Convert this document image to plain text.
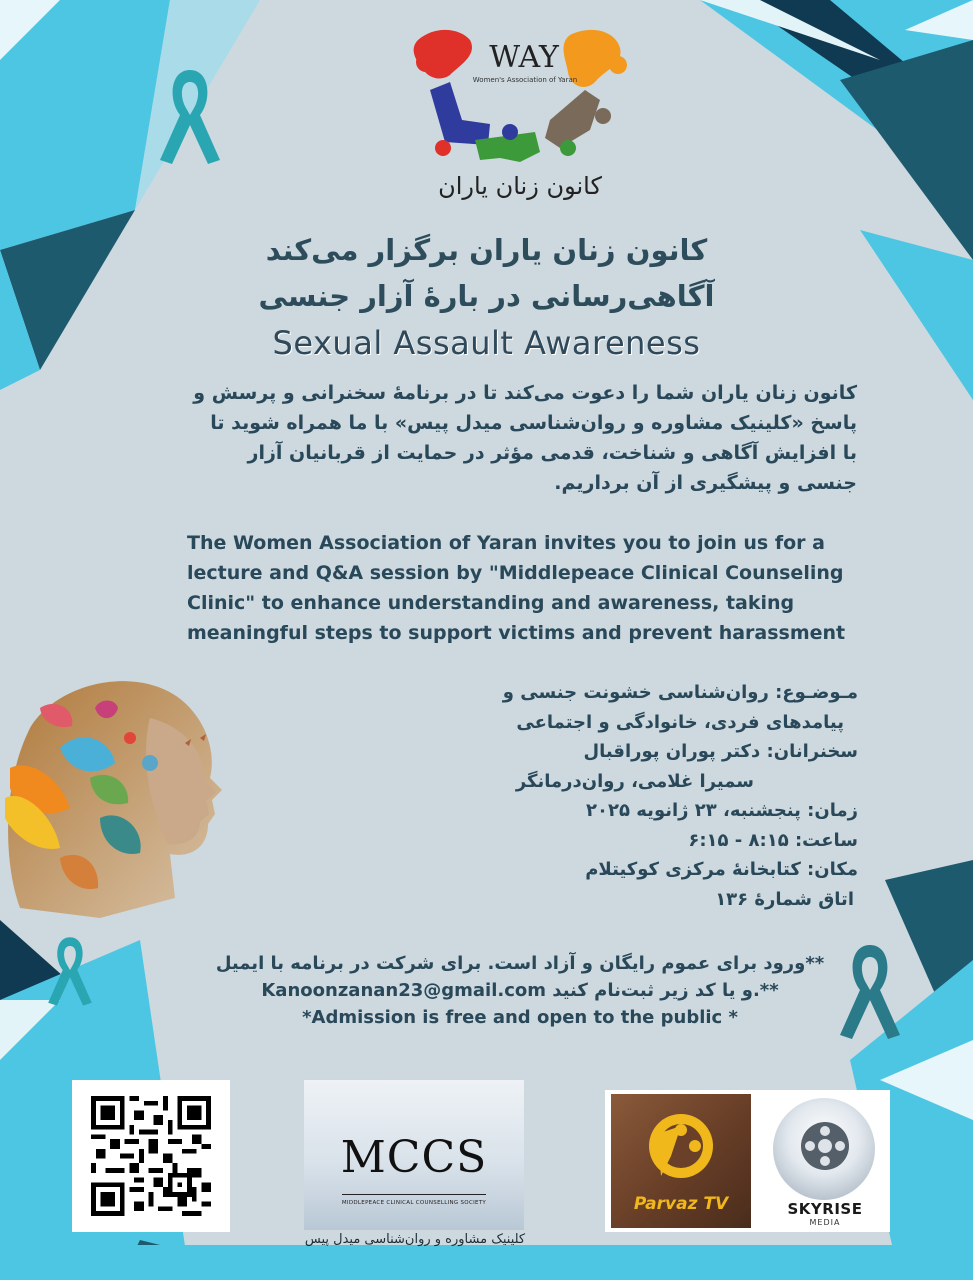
WAY
Women's Association of Yaran
کانون زنان یاران
کانون زنان یاران برگزار می‌کند
آگاهی‌رسانی در بارۀ آزار جنسی
Sexual Assault Awareness
کانون زنان یاران شما را دعوت می‌کند تا در برنامۀ سخنرانی و پرسش و
پاسخ «کلینیک مشاوره و روان‌شناسی میدل پیس» با ما همراه شوید تا
با افزایش آگاهی و شناخت، قدمی مؤثر در حمایت از قربانیان آزار
جنسی و پیشگیری از آن برداریم.
The Women Association of Yaran invites you to join us for a
lecture and Q&A session by "Middlepeace Clinical Counseling
Clinic" to enhance understanding and awareness, taking
meaningful steps to support victims and prevent harassment
مـوضـوع: روان‌شناسی خشونت جنسی و
پیامدهای فردی، خانوادگی و اجتماعی
سخنرانان: دکتر پوران پوراقبال
سمیرا غلامی، روان‌درمانگر
زمان: پنجشنبه، ۲۳ ژانویه ۲۰۲۵
ساعت: ۸:۱۵ - ۶:۱۵
مکان: کتابخانۀ مرکزی کوکیتلام
اتاق شمارۀ ۱۳۶
**ورود برای عموم رایگان و آزاد است. برای شرکت در برنامه با ایمیل
Kanoonzanan23@gmail.com و یا کد زیر ثبت‌نام کنید.**
*Admission is free and open to the public *
MCCS
MIDDLEPEACE CLINICAL COUNSELLING SOCIETY
کلینیک مشاوره و روان‌شناسی میدل پیس
Parvaz TV	SKYRISE
MEDIA
